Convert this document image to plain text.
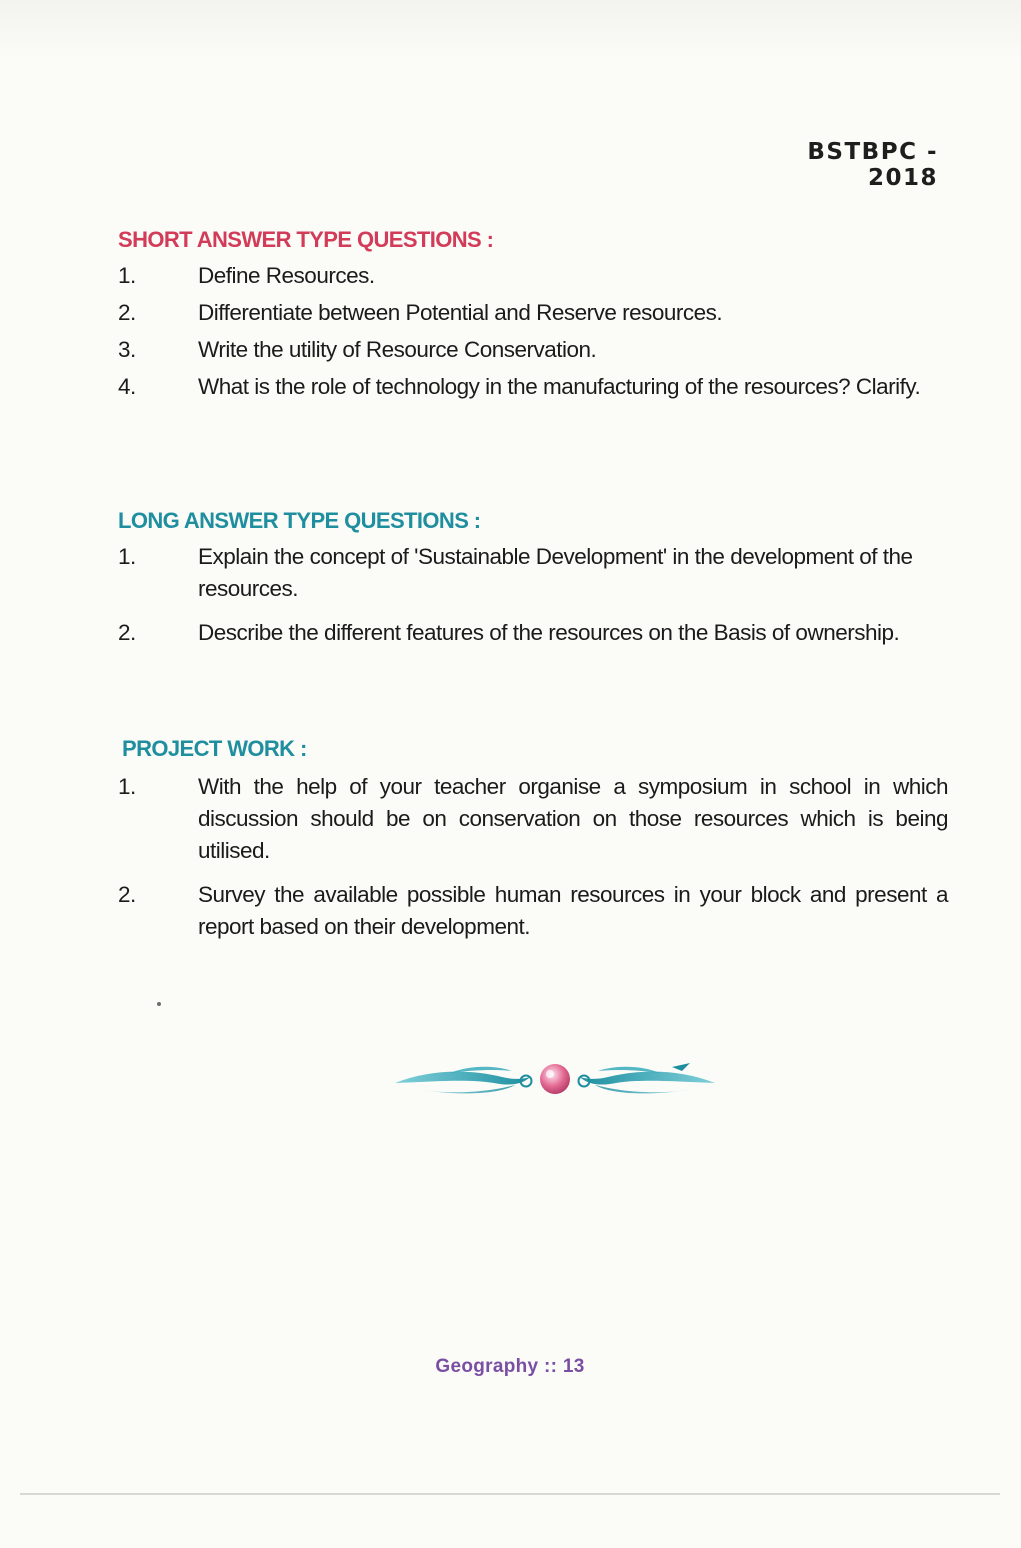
BSTBPC - 2018
SHORT ANSWER TYPE QUESTIONS :
1.	Define Resources.
2.	Differentiate between Potential and Reserve resources.
3.	Write the utility of Resource Conservation.
4.	What is the role of technology in the manufacturing of the resources? Clarify.
LONG ANSWER TYPE QUESTIONS :
1.	Explain the concept of 'Sustainable Development' in the development of the resources.
2.	Describe the different features of the resources on the Basis of ownership.
PROJECT WORK :
1.	With the help of your teacher organise a symposium in school in which discussion should be on conservation on those resources which is being utilised.
2.	Survey the available possible human resources in your block and present a report based on their development.
Geography :: 13
